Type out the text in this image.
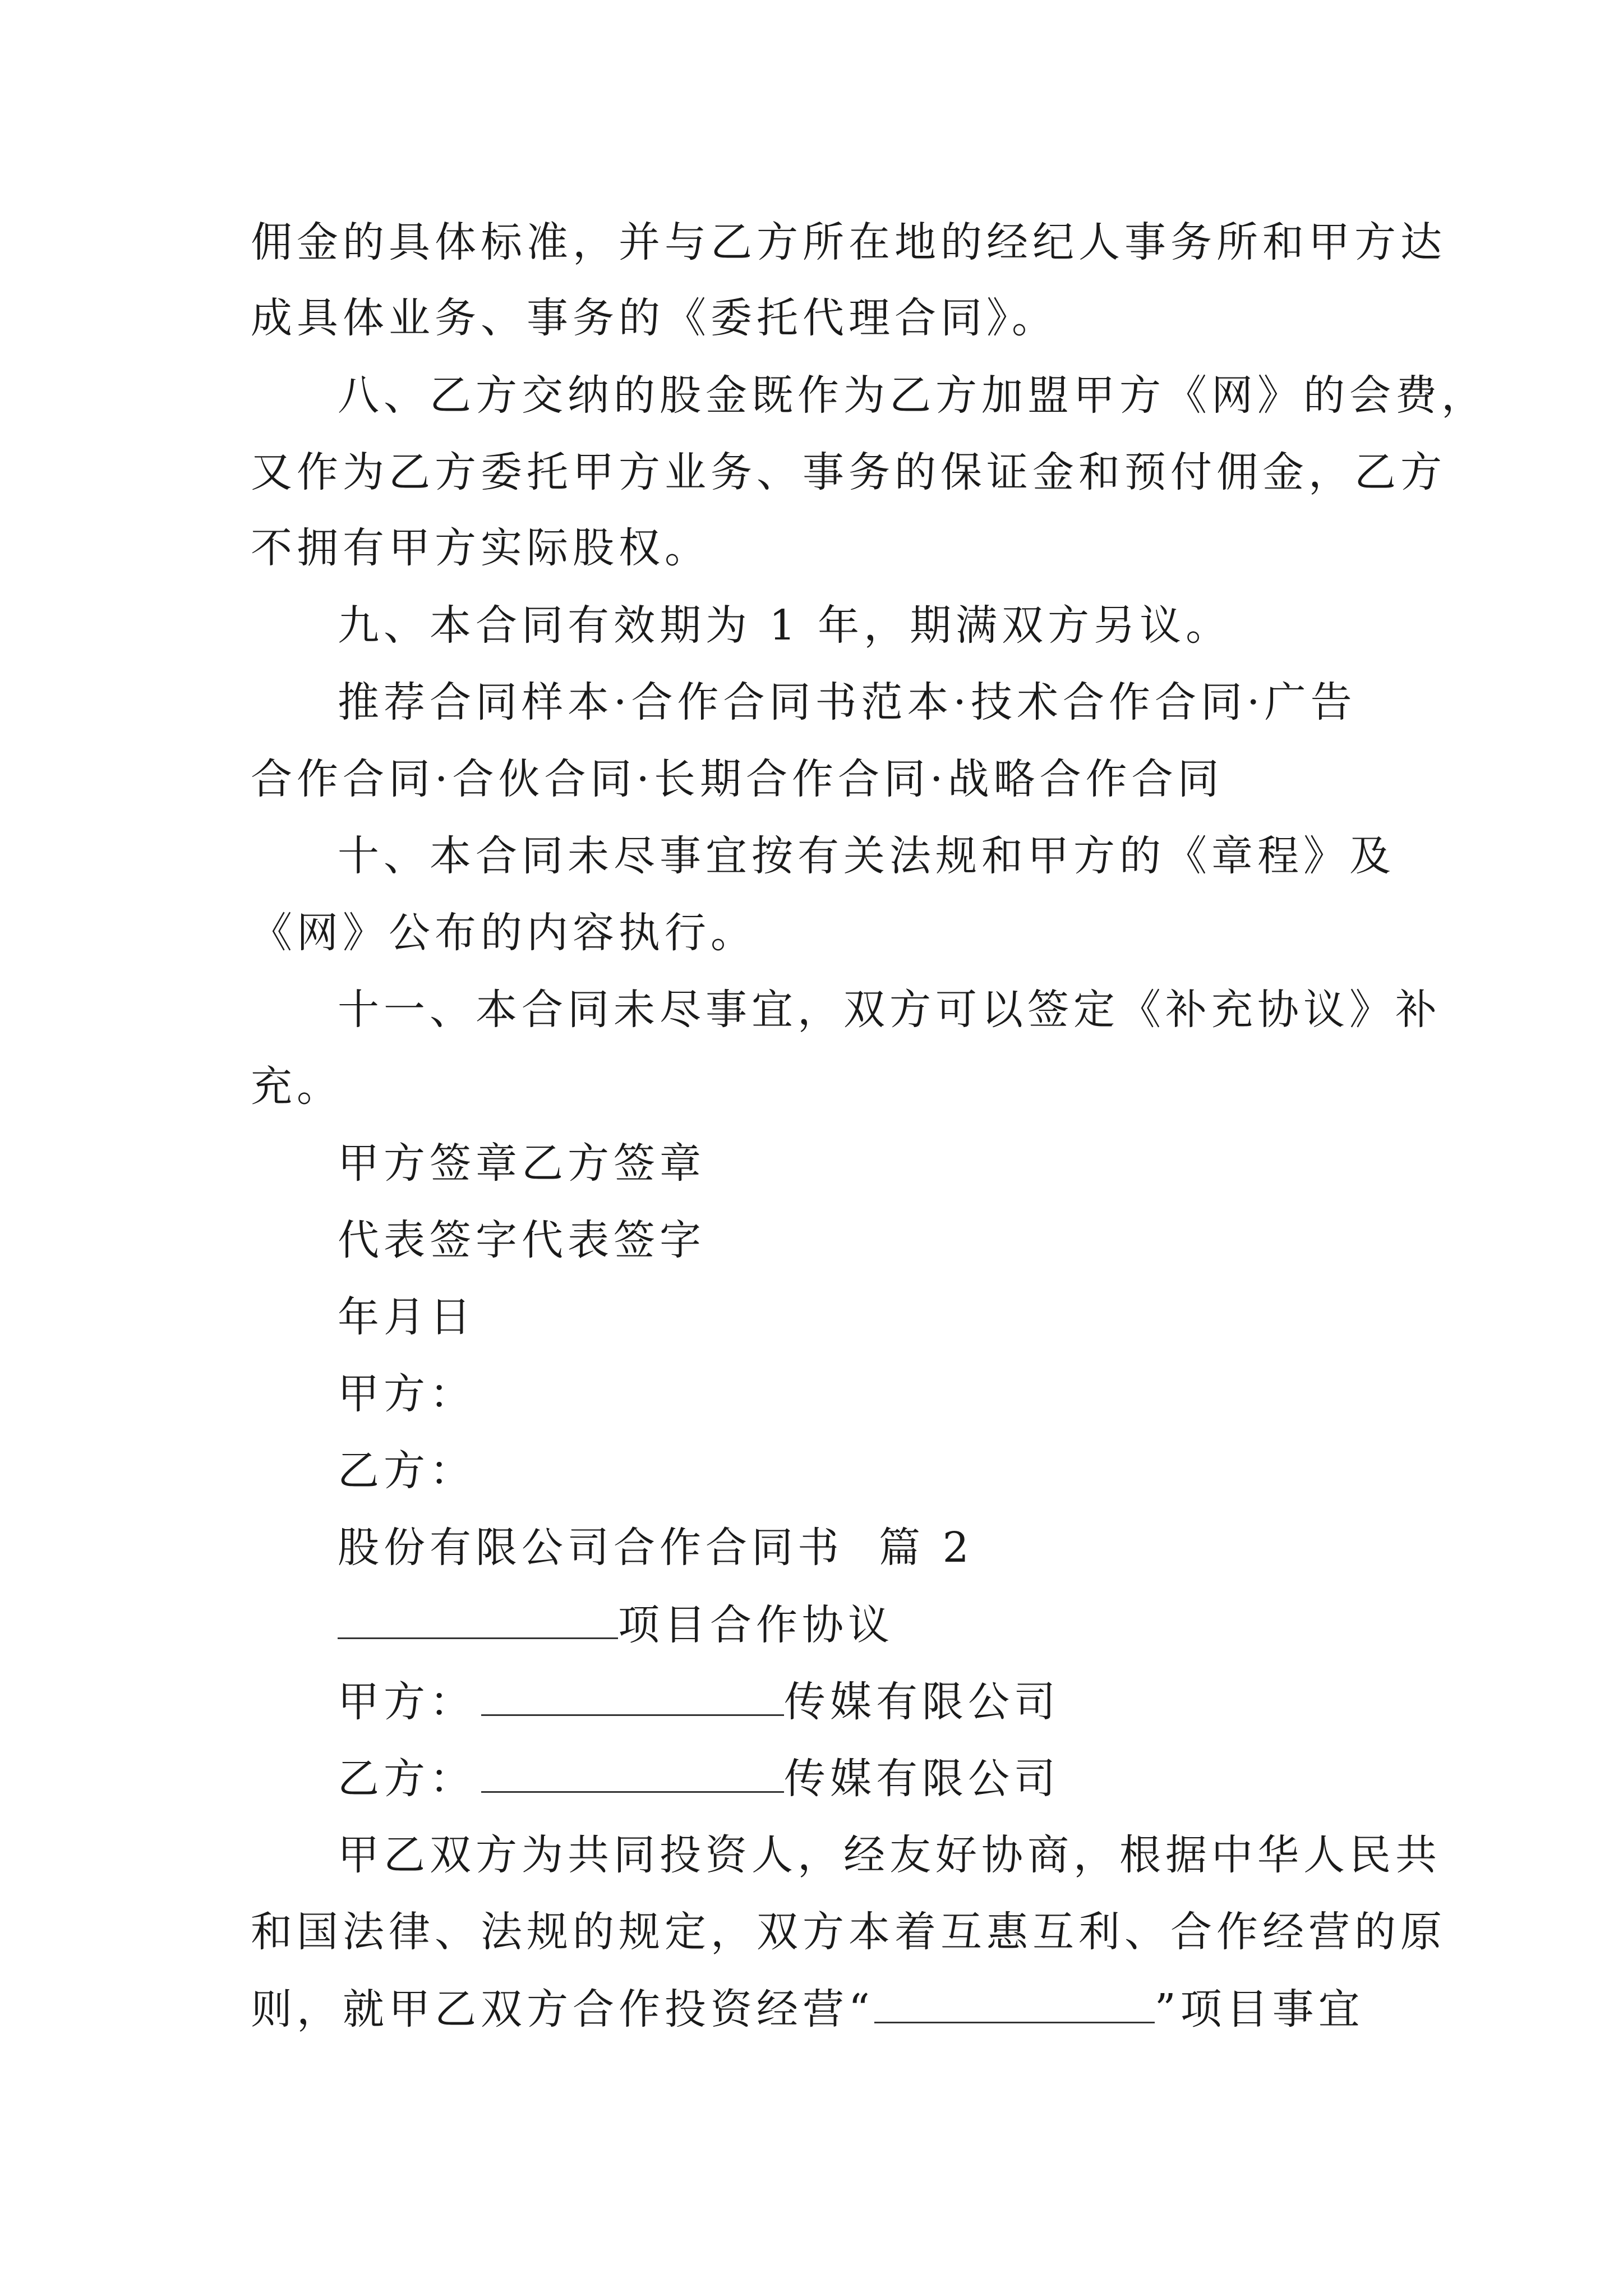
佣金的具体标准，并与乙方所在地的经纪人事务所和甲方达
成具体业务、事务的《委托代理合同》。
八、乙方交纳的股金既作为乙方加盟甲方《网》的会费，
又作为乙方委托甲方业务、事务的保证金和预付佣金，乙方
不拥有甲方实际股权。
九、本合同有效期为 1 年，期满双方另议。
推荐合同样本·合作合同书范本·技术合作合同·广告
合作合同·合伙合同·长期合作合同·战略合作合同
十、本合同未尽事宜按有关法规和甲方的《章程》及
《网》公布的内容执行。
十一、本合同未尽事宜，双方可以签定《补充协议》补
充。
甲方签章乙方签章
代表签字代表签字
年月日
甲方：
乙方：
股份有限公司合作合同书  篇 2
项目合作协议
甲方：	传媒有限公司
乙方：	传媒有限公司
甲乙双方为共同投资人，经友好协商，根据中华人民共
和国法律、法规的规定，双方本着互惠互利、合作经营的原
则，就甲乙双方合作投资经营“	”项目事宜
